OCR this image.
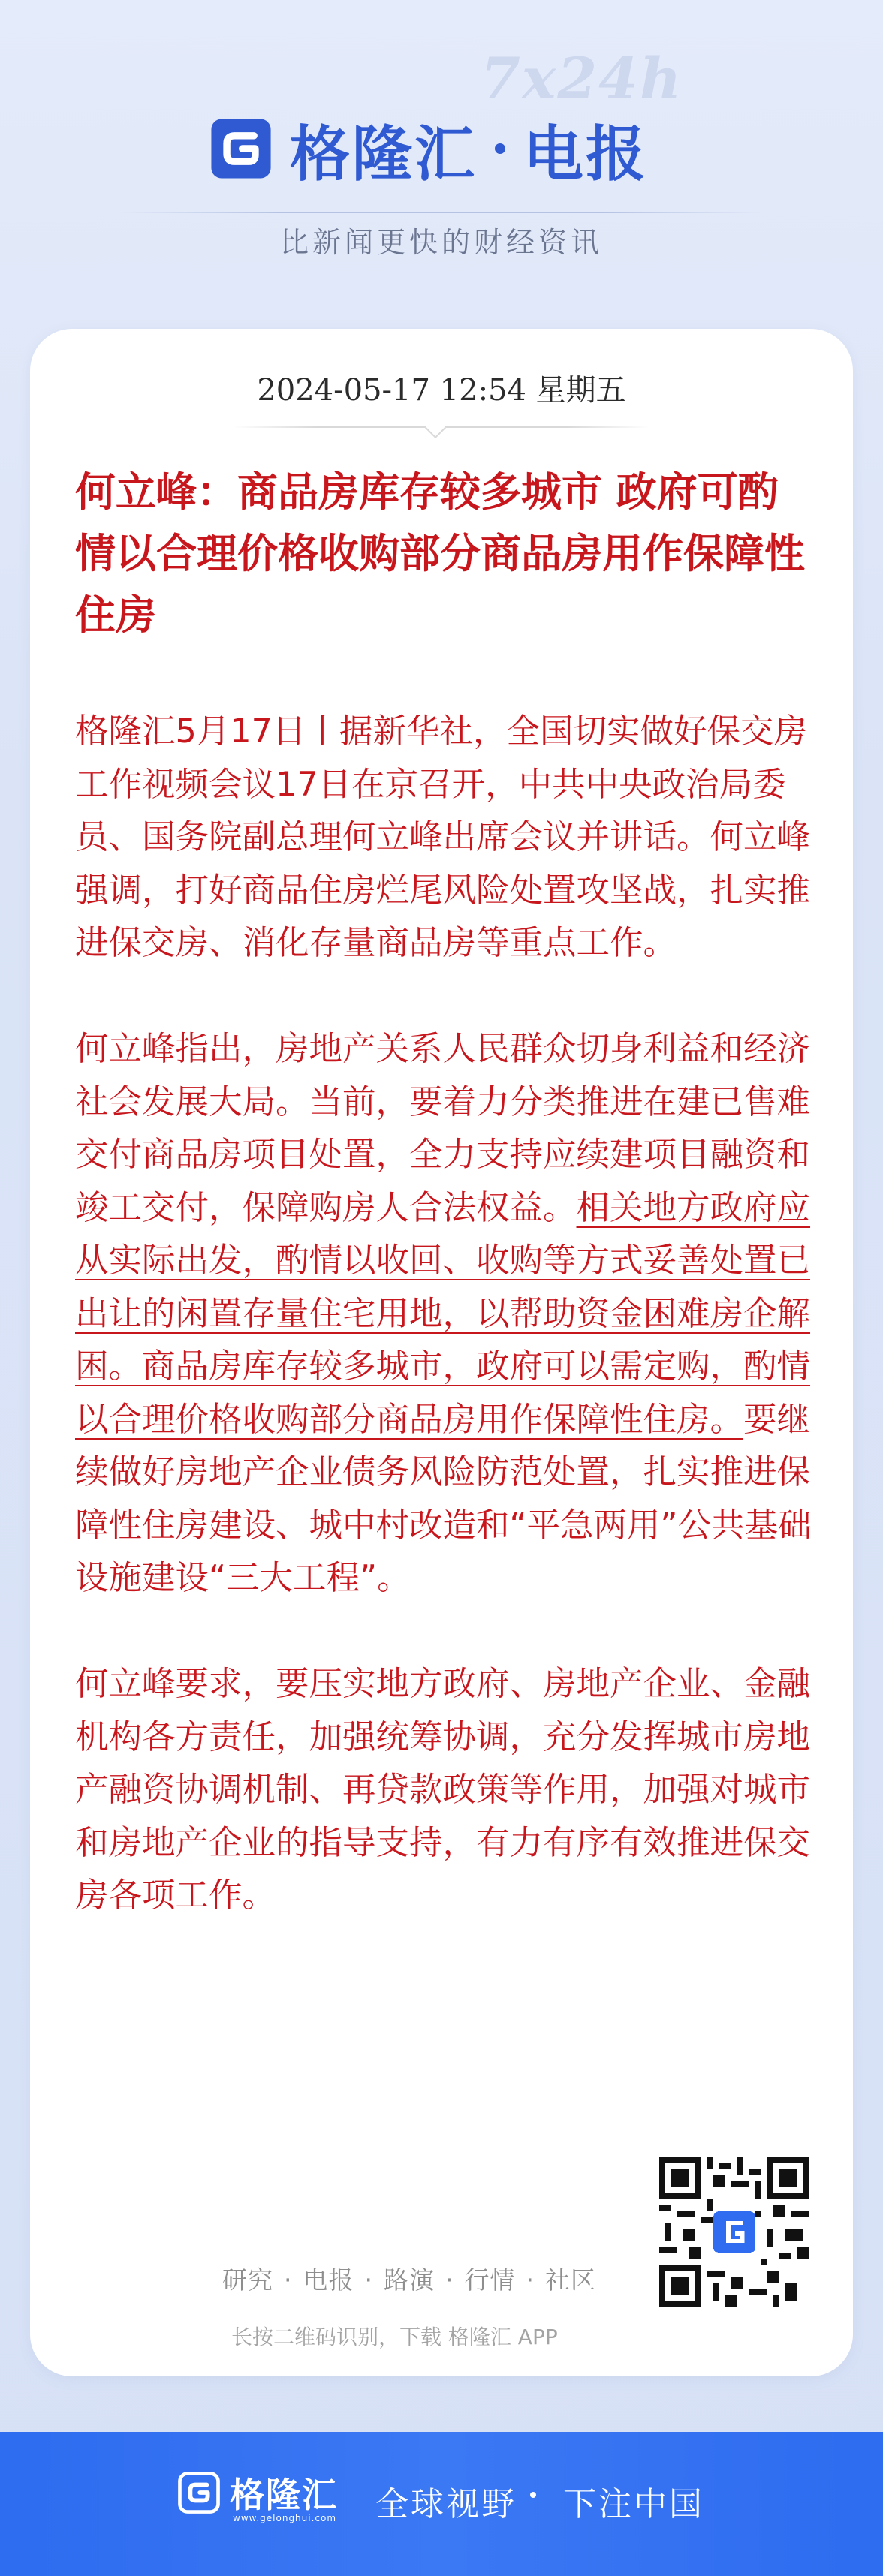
7x24h
格隆汇 电报
比新闻更快的财经资讯
2024-05-17 12:54 星期五
何立峰：商品房库存较多城市 政府可酌情以合理价格收购部分商品房用作保障性住房

格隆汇5月17日丨据新华社，全国切实做好保交房工作视频会议17日在京召开，中共中央政治局委员、国务院副总理何立峰出席会议并讲话。何立峰强调，打好商品住房烂尾风险处置攻坚战，扎实推进保交房、消化存量商品房等重点工作。

何立峰指出，房地产关系人民群众切身利益和经济社会发展大局。当前，要着力分类推进在建已售难交付商品房项目处置，全力支持应续建项目融资和竣工交付，保障购房人合法权益。相关地方政府应从实际出发，酌情以收回、收购等方式妥善处置已出让的闲置存量住宅用地，以帮助资金困难房企解困。商品房库存较多城市，政府可以需定购，酌情以合理价格收购部分商品房用作保障性住房。要继续做好房地产企业债务风险防范处置，扎实推进保障性住房建设、城中村改造和“平急两用”公共基础设施建设“三大工程”。

何立峰要求，要压实地方政府、房地产企业、金融机构各方责任，加强统筹协调，充分发挥城市房地产融资协调机制、再贷款政策等作用，加强对城市和房地产企业的指导支持，有力有序有效推进保交房各项工作。

研究 · 电报 · 路演 · 行情 · 社区
长按二维码识别，下载 格隆汇 APP
格隆汇
www.gelonghui.com 全球视野 下注中国
